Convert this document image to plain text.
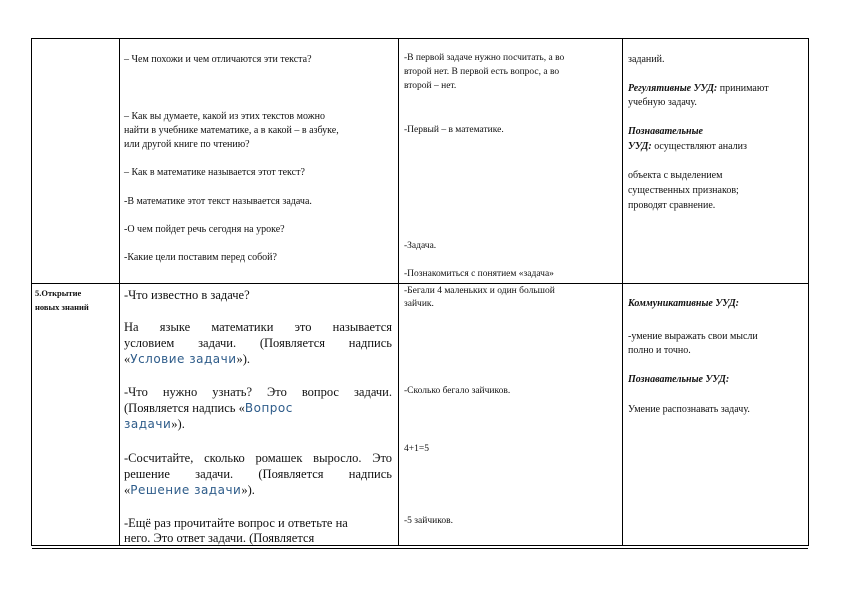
– Чем похожи и чем отличаются эти текста?
– Как вы думаете, какой из этих текстов можно
найти в учебнике математике, а в какой – в азбуке,
или другой книге по чтению?
– Как в математике называется этот текст?
-В математике этот текст называется задача.
-О чем пойдет речь сегодня на уроке?
-Какие цели поставим перед собой?
-В первой задаче нужно посчитать, а во
второй нет. В первой есть вопрос, а во
второй – нет.
-Первый – в математике.
-Задача.
-Познакомиться с понятием «задача»
заданий.
Регулятивные УУД: принимают
учебную задачу.
Познавательные
УУД: осуществляют анализ
объекта с выделением
существенных признаков;
проводят сравнение.
5.Открытие
новых знаний
-Что известно в задаче?
На языке математики это называется
условием задачи. (Появляется надпись
«Условие задачи»).
-Что нужно узнать? Это вопрос задачи.
(Появляется надпись «Вопрос
задачи»).
-Сосчитайте, сколько ромашек выросло. Это
решение задачи. (Появляется надпись
«Решение задачи»).
-Ещё раз прочитайте вопрос и ответьте на
него. Это ответ задачи. (Появляется
-Бегали 4 маленьких и один большой
зайчик.
-Сколько бегало зайчиков.
4+1=5
-5 зайчиков.
Коммуникативные УУД:
-умение выражать свои мысли
полно и точно.
Познавательные УУД:
Умение распознавать задачу.
